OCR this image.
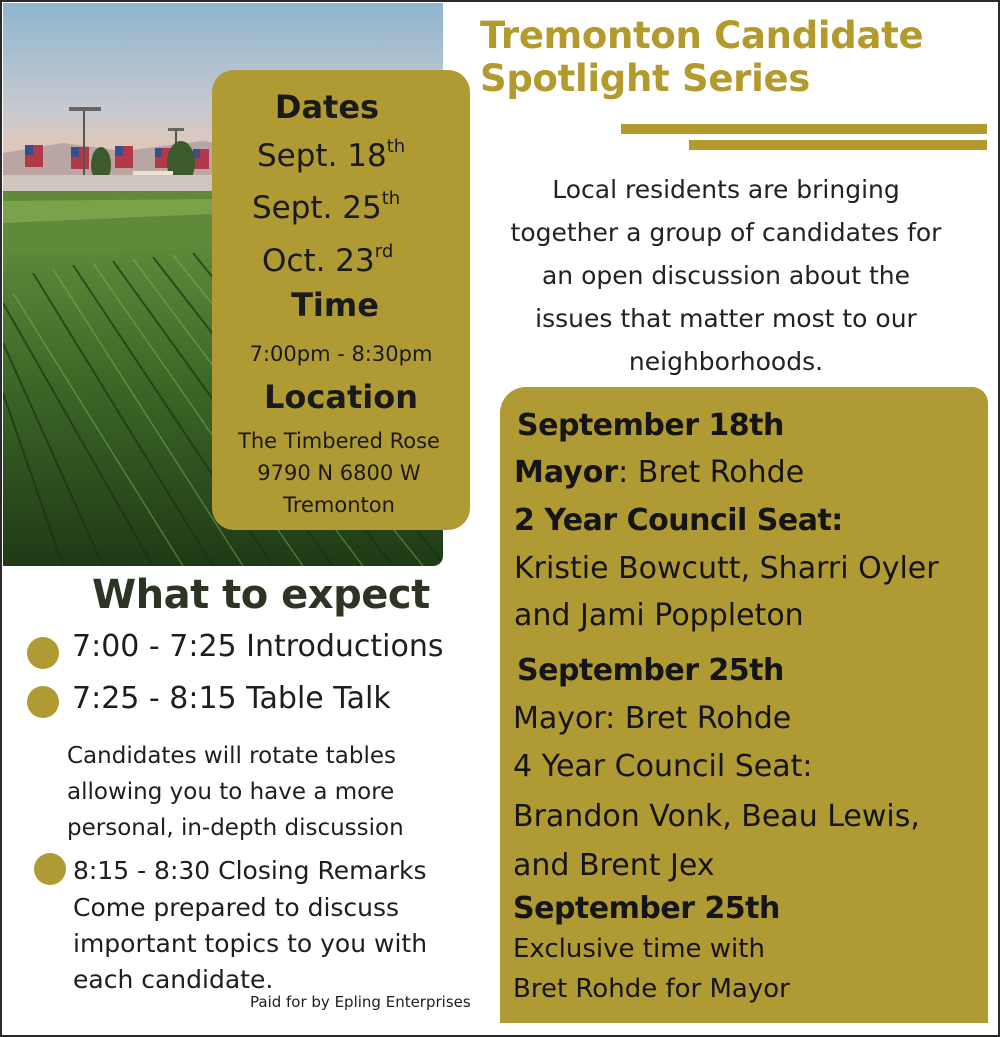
Tremonton Candidate
Spotlight Series
Local residents are bringing
together a group of candidates for
an open discussion about the
issues that matter most to our
neighborhoods.
Dates
Sept. 18th
Sept. 25th
Oct. 23rd
Time
7:00pm - 8:30pm
Location
The Timbered Rose
9790 N 6800 W
Tremonton
What to expect
7:00 - 7:25 Introductions
7:25 - 8:15 Table Talk
Candidates will rotate tables
allowing you to have a more
personal, in-depth discussion
8:15 - 8:30 Closing Remarks
Come prepared to discuss
important topics to you with
each candidate.
Paid for by Epling Enterprises
September 18th
Mayor: Bret Rohde
2 Year Council Seat:
Kristie Bowcutt, Sharri Oyler
and Jami Poppleton
September 25th
Mayor: Bret Rohde
4 Year Council Seat:
Brandon Vonk, Beau Lewis,
and Brent Jex
September 25th
Exclusive time with
Bret Rohde for Mayor
